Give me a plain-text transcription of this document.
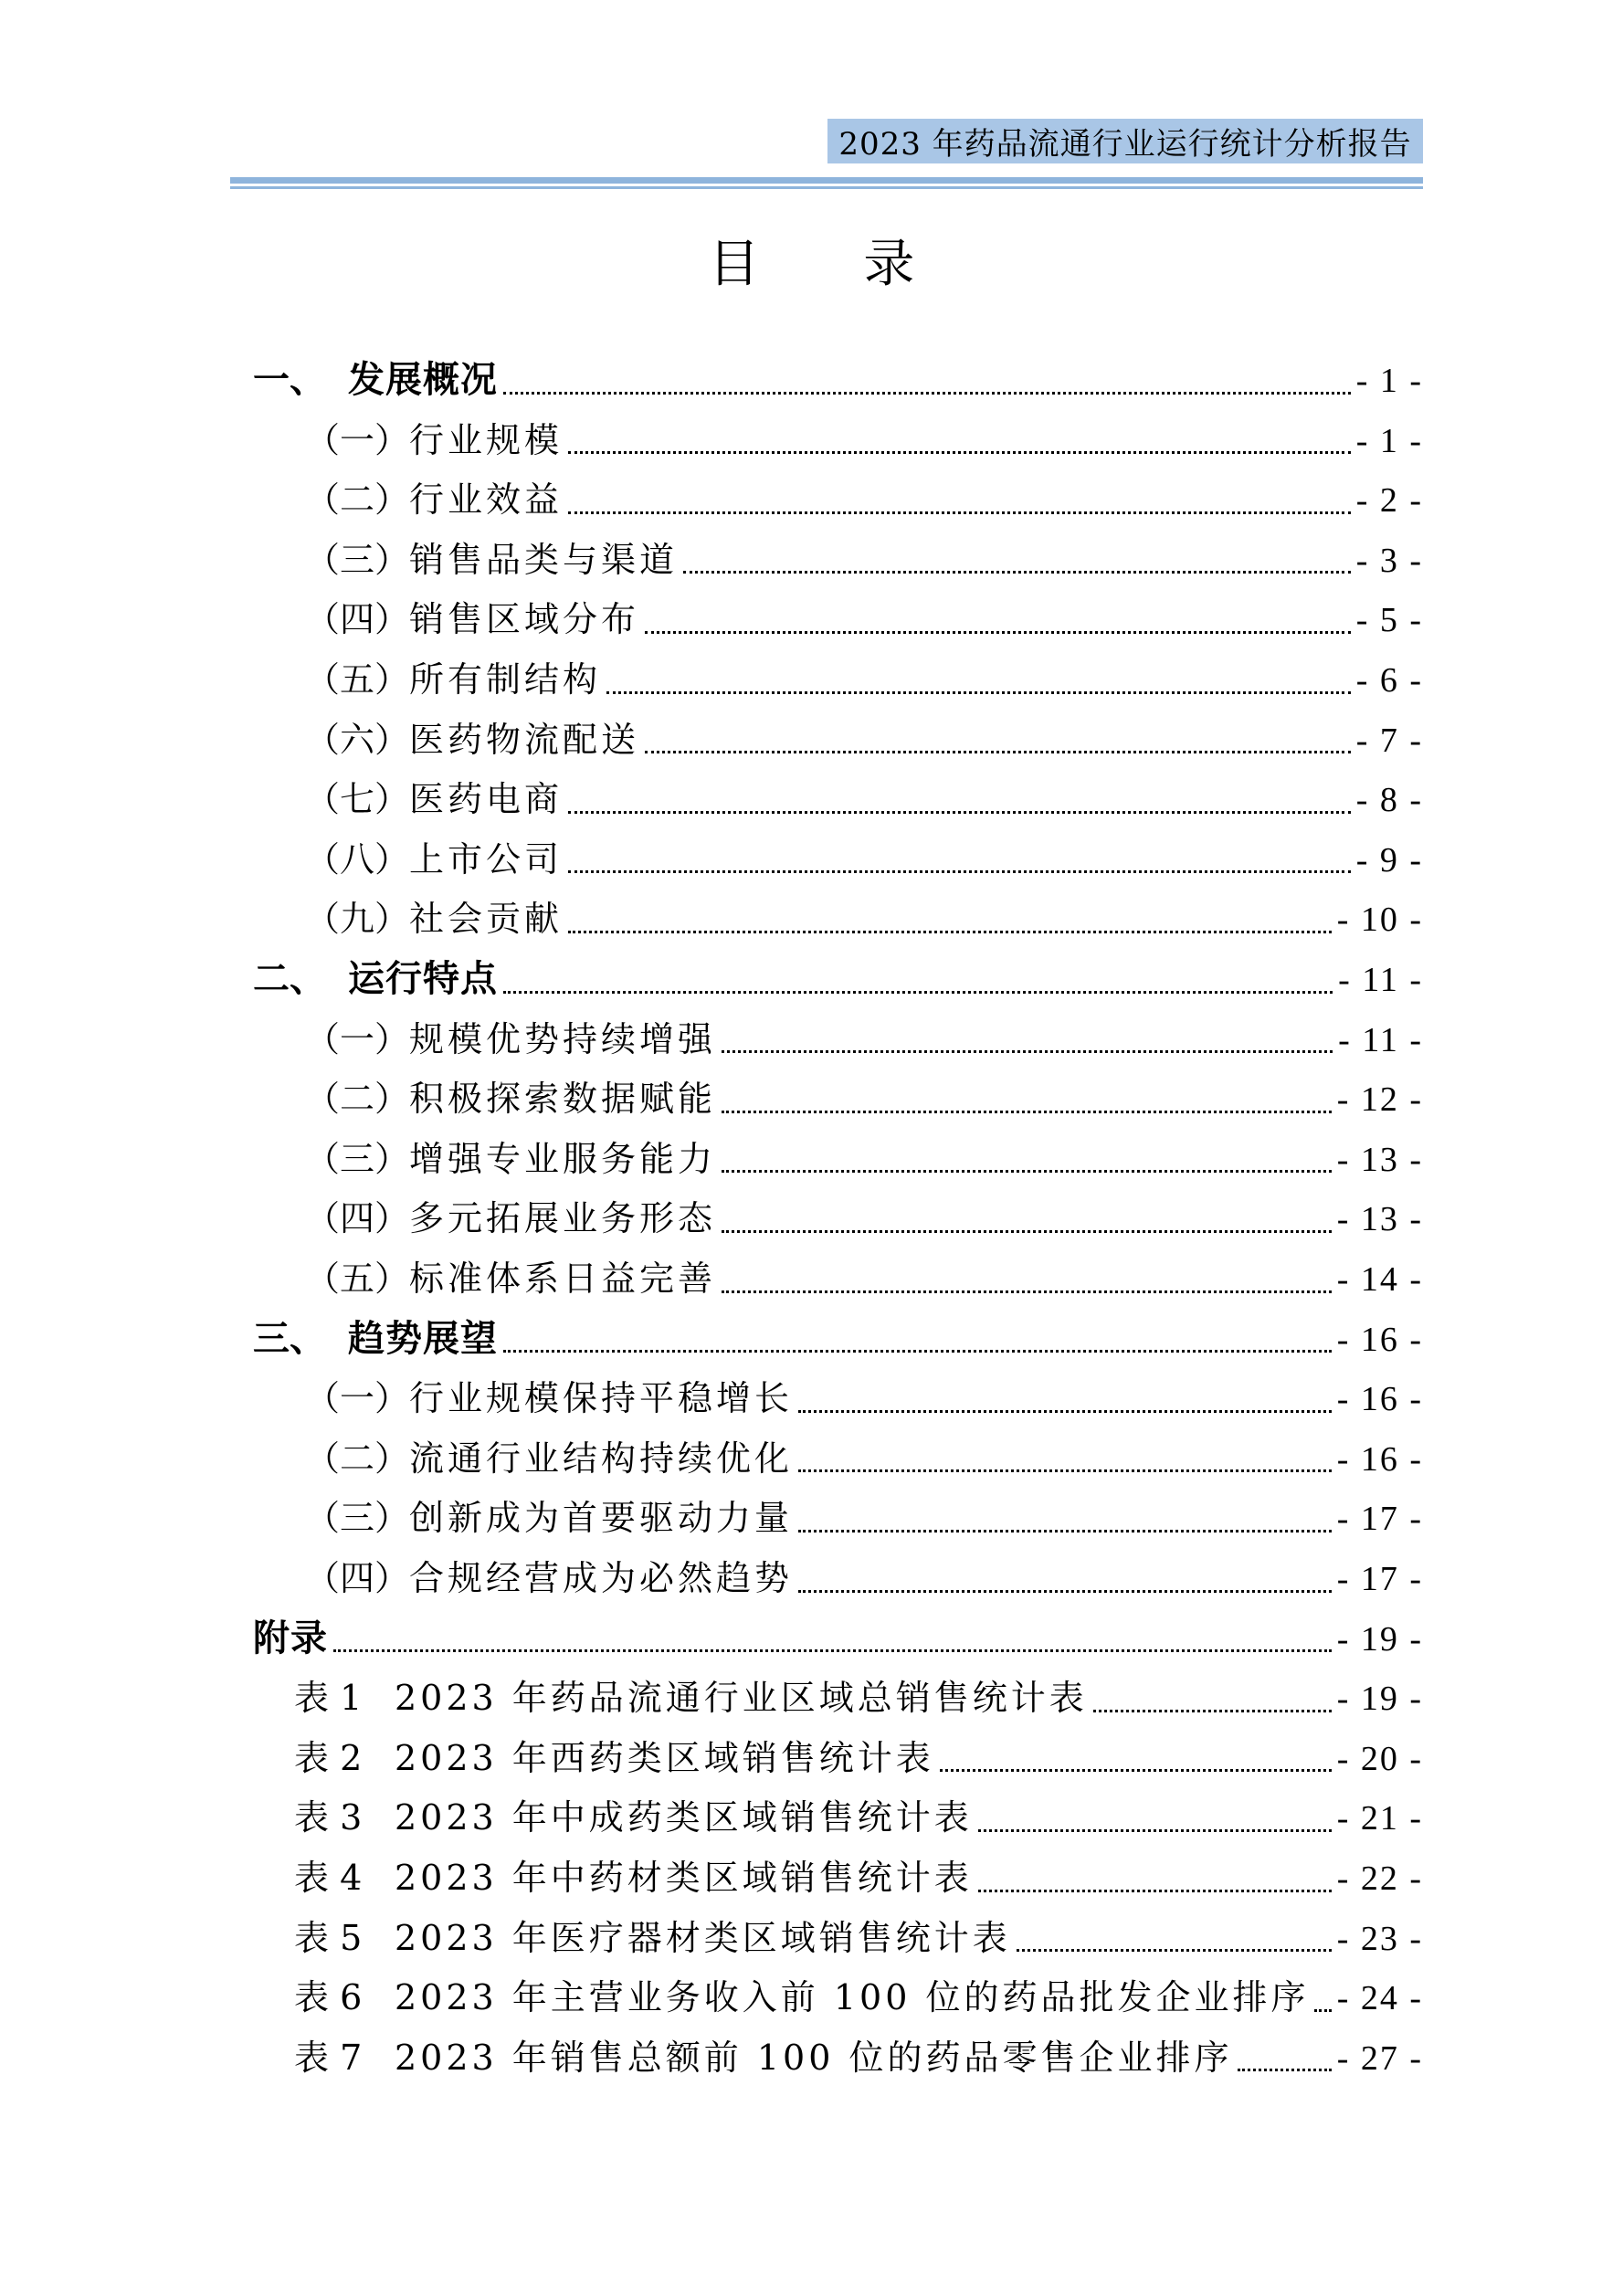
2023 年药品流通行业运行统计分析报告
目 录
一、 发展概况	- 1 -
（一） 行业规模	- 1 -
（二） 行业效益	- 2 -
（三） 销售品类与渠道	- 3 -
（四） 销售区域分布	- 5 -
（五） 所有制结构	- 6 -
（六） 医药物流配送	- 7 -
（七） 医药电商	- 8 -
（八） 上市公司	- 9 -
（九） 社会贡献	- 10 -
二、 运行特点	- 11 -
（一） 规模优势持续增强	- 11 -
（二） 积极探索数据赋能	- 12 -
（三） 增强专业服务能力	- 13 -
（四） 多元拓展业务形态	- 13 -
（五） 标准体系日益完善	- 14 -
三、 趋势展望	- 16 -
（一） 行业规模保持平稳增长	- 16 -
（二） 流通行业结构持续优化	- 16 -
（三） 创新成为首要驱动力量	- 17 -
（四） 合规经营成为必然趋势	- 17 -
附录	- 19 -
表 1 2023 年药品流通行业区域总销售统计表	- 19 -
表 2 2023 年西药类区域销售统计表	- 20 -
表 3 2023 年中成药类区域销售统计表	- 21 -
表 4 2023 年中药材类区域销售统计表	- 22 -
表 5 2023 年医疗器材类区域销售统计表	- 23 -
表 6 2023 年主营业务收入前 100 位的药品批发企业排序 - 24 -
表 7 2023 年销售总额前 100 位的药品零售企业排序	- 27 -
